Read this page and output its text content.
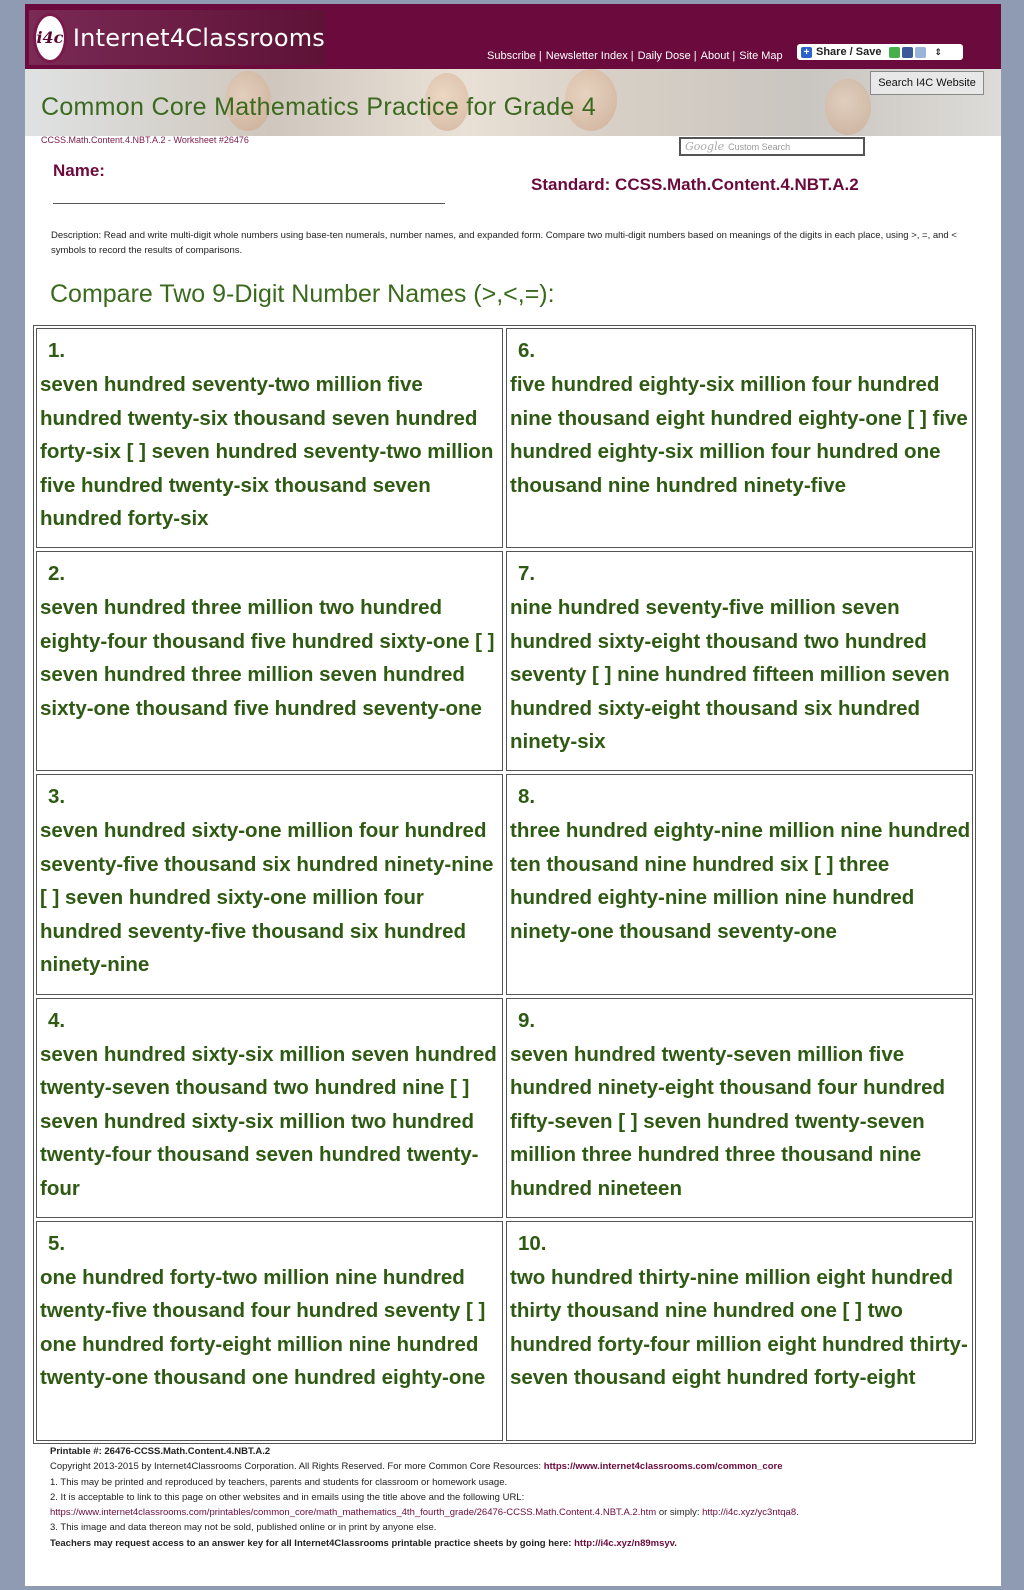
i4c Internet4Classrooms
Subscribe | Newsletter Index | Daily Dose | About | Site Map + Share / Save	⇕
Google Custom Search
Search I4C Website
Common Core Mathematics Practice for Grade 4
CCSS.Math.Content.4.NBT.A.2 - Worksheet #26476
Name:
Standard: CCSS.Math.Content.4.NBT.A.2
Description: Read and write multi-digit whole numbers using base-ten numerals, number names, and expanded form. Compare two multi-digit numbers based on meanings of the digits in each place, using >, =, and < symbols to record the results of comparisons.
Compare Two 9-Digit Number Names (>,<,=):
1.
seven hundred seventy-two million five hundred twenty-six thousand seven hundred forty-six [ ] seven hundred seventy-two million five hundred twenty-six thousand seven hundred forty-six
6.
five hundred eighty-six million four hundred nine thousand eight hundred eighty-one [ ] five hundred eighty-six million four hundred one thousand nine hundred ninety-five
2.
seven hundred three million two hundred eighty-four thousand five hundred sixty-one [ ] seven hundred three million seven hundred sixty-one thousand five hundred seventy-one
7.
nine hundred seventy-five million seven hundred sixty-eight thousand two hundred seventy [ ] nine hundred fifteen million seven hundred sixty-eight thousand six hundred ninety-six
3.
seven hundred sixty-one million four hundred seventy-five thousand six hundred ninety-nine [ ] seven hundred sixty-one million four hundred seventy-five thousand six hundred ninety-nine
8.
three hundred eighty-nine million nine hundred ten thousand nine hundred six [ ] three hundred eighty-nine million nine hundred ninety-one thousand seventy-one
4.
seven hundred sixty-six million seven hundred twenty-seven thousand two hundred nine [ ] seven hundred sixty-six million two hundred twenty-four thousand seven hundred twenty-four
9.
seven hundred twenty-seven million five hundred ninety-eight thousand four hundred fifty-seven [ ] seven hundred twenty-seven million three hundred three thousand nine hundred nineteen
5.
one hundred forty-two million nine hundred twenty-five thousand four hundred seventy [ ] one hundred forty-eight million nine hundred twenty-one thousand one hundred eighty-one
10.
two hundred thirty-nine million eight hundred thirty thousand nine hundred one [ ] two hundred forty-four million eight hundred thirty-seven thousand eight hundred forty-eight
Printable #: 26476-CCSS.Math.Content.4.NBT.A.2
Copyright 2013-2015 by Internet4Classrooms Corporation. All Rights Reserved. For more Common Core Resources: https://www.internet4classrooms.com/common_core
1. This may be printed and reproduced by teachers, parents and students for classroom or homework usage.
2. It is acceptable to link to this page on other websites and in emails using the title above and the following URL:
https://www.internet4classrooms.com/printables/common_core/math_mathematics_4th_fourth_grade/26476-CCSS.Math.Content.4.NBT.A.2.htm or simply: http://i4c.xyz/yc3ntqa8.
3. This image and data thereon may not be sold, published online or in print by anyone else.
Teachers may request access to an answer key for all Internet4Classrooms printable practice sheets by going here: http://i4c.xyz/n89msyv.
